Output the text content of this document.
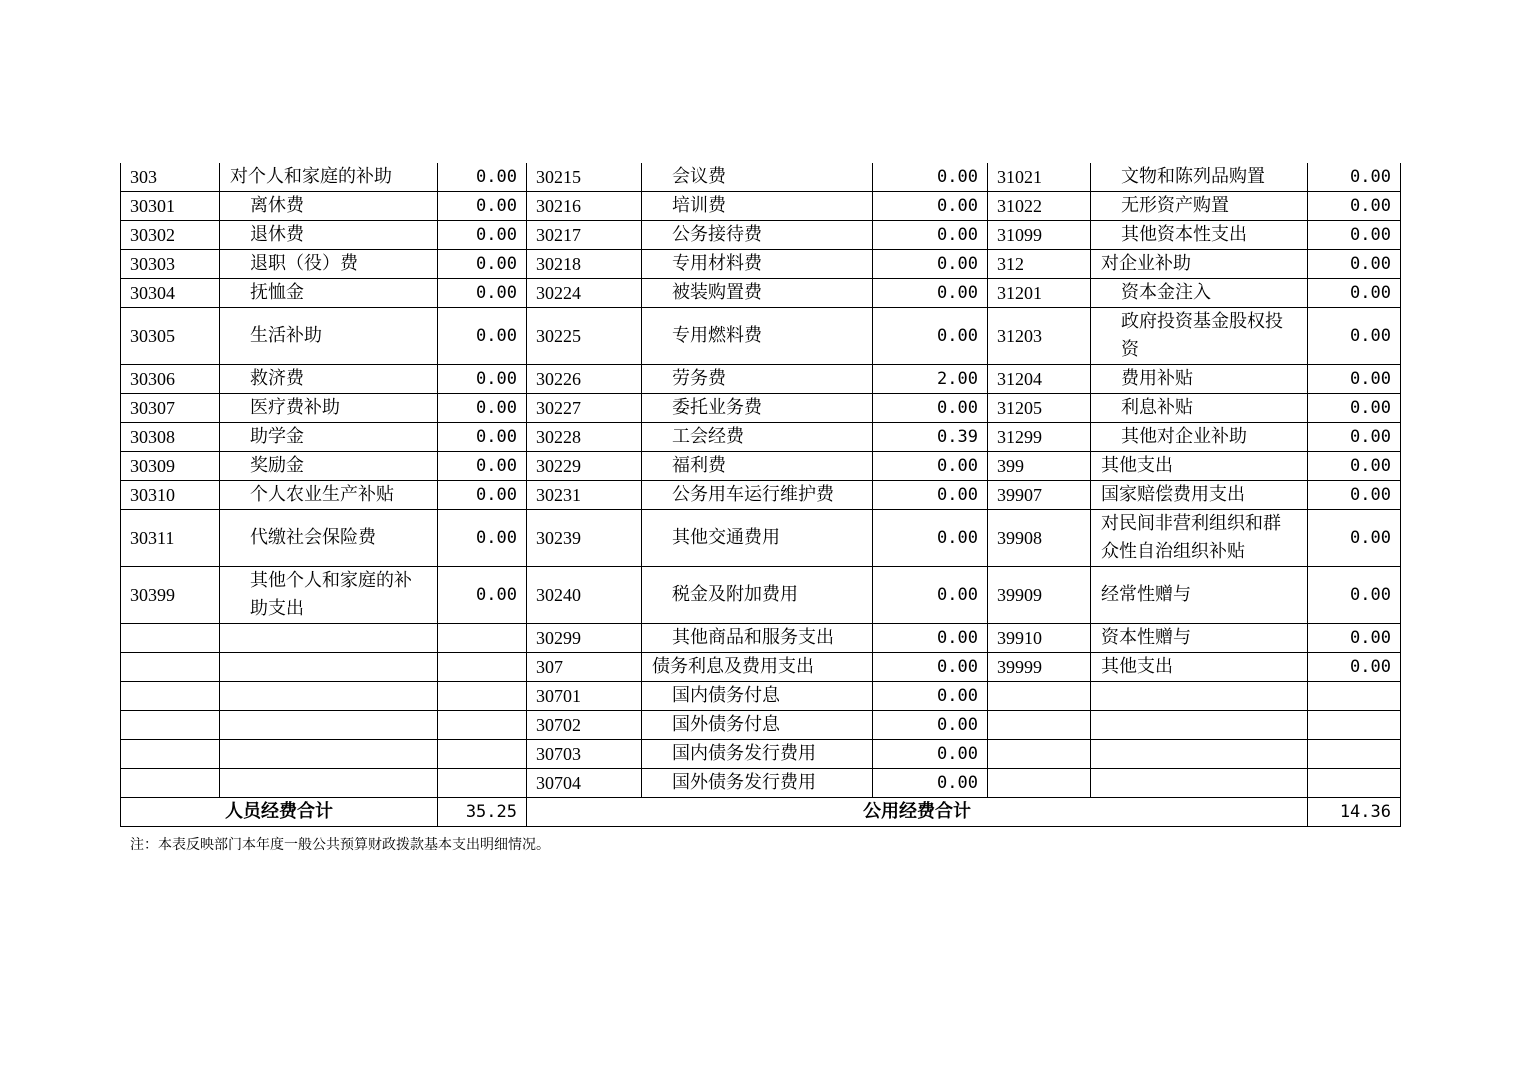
303	对个人和家庭的补助	0.00	30215	会议费	0.00	31021	文物和陈列品购置	0.00
30301	离休费	0.00	30216	培训费	0.00	31022	无形资产购置	0.00
30302	退休费	0.00	30217	公务接待费	0.00	31099	其他资本性支出	0.00
30303	退职（役）费	0.00	30218	专用材料费	0.00	312	对企业补助	0.00
30304	抚恤金	0.00	30224	被装购置费	0.00	31201	资本金注入	0.00
30305	生活补助	0.00	30225	专用燃料费	0.00	31203	政府投资基金股权投资	0.00
30306	救济费	0.00	30226	劳务费	2.00	31204	费用补贴	0.00
30307	医疗费补助	0.00	30227	委托业务费	0.00	31205	利息补贴	0.00
30308	助学金	0.00	30228	工会经费	0.39	31299	其他对企业补助	0.00
30309	奖励金	0.00	30229	福利费	0.00	399	其他支出	0.00
30310	个人农业生产补贴	0.00	30231	公务用车运行维护费	0.00	39907	国家赔偿费用支出	0.00
30311	代缴社会保险费	0.00	30239	其他交通费用	0.00	39908	对民间非营利组织和群众性自治组织补贴	0.00
30399	其他个人和家庭的补助支出	0.00	30240	税金及附加费用	0.00	39909	经常性赠与	0.00
			30299	其他商品和服务支出	0.00	39910	资本性赠与	0.00
			307	债务利息及费用支出	0.00	39999	其他支出	0.00
			30701	国内债务付息	0.00			
			30702	国外债务付息	0.00			
			30703	国内债务发行费用	0.00			
			30704	国外债务发行费用	0.00			
人员经费合计		35.25	公用经费合计					14.36
注：本表反映部门本年度一般公共预算财政拨款基本支出明细情况。
